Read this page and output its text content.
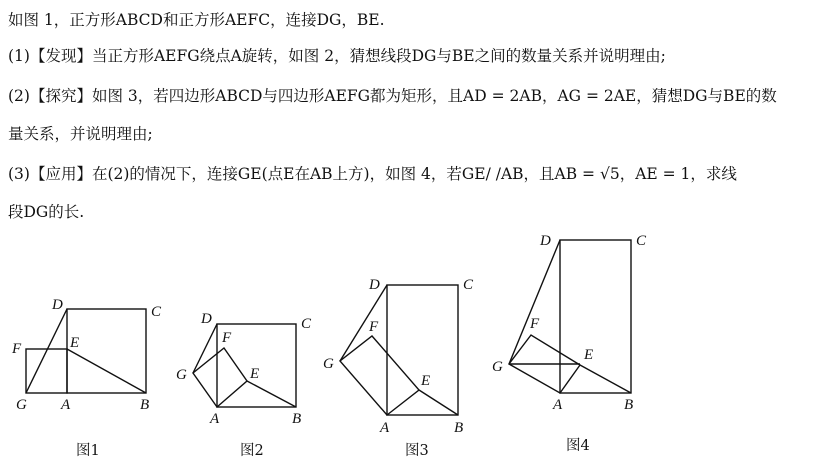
如图 1，正方形ABCD和正方形AEFC，连接DG，BE.
(1)【发现】当正方形AEFG绕点A旋转，如图 2，猜想线段DG与BE之间的数量关系并说明理由;
(2)【探究】如图 3，若四边形ABCD与四边形AEFG都为矩形，且AD = 2AB，AG = 2AE，猜想DG与BE的数
量关系，并说明理由;
(3)【应用】在(2)的情况下，连接GE(点E在AB上方)，如图 4，若GE/ /AB，且AB = √5，AE = 1，求线
段DG的长.
D	C
F	E
G A	B
图1
D	C
F
G	E
A	B
图2
D	C
F
G
E
A	B
图3
D	C
F
E
G
A	B
图4
